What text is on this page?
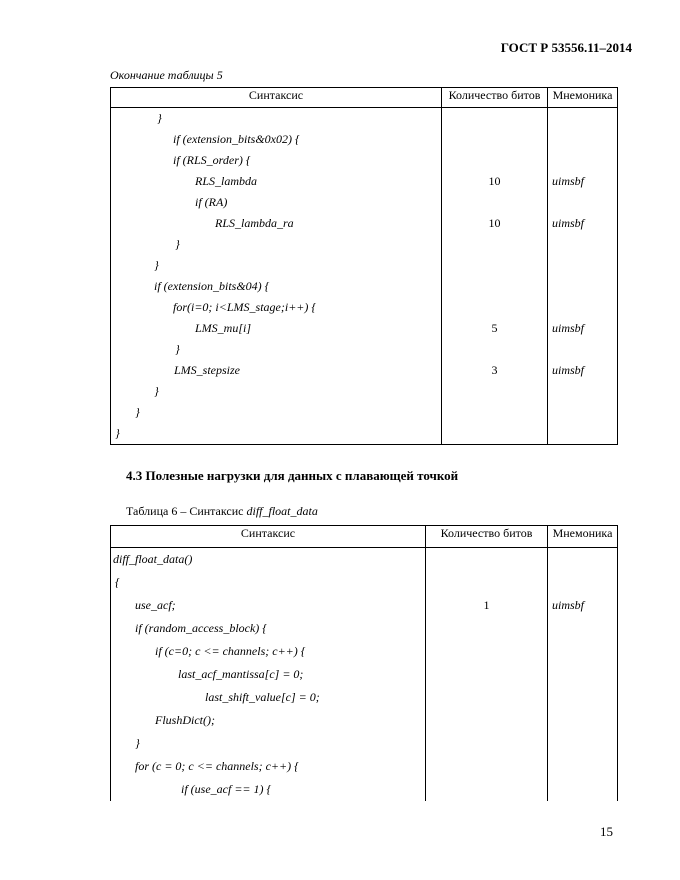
ГОСТ Р 53556.11–2014
Окончание таблицы 5
Синтаксис	Количество битов	Мнемоника
}		
if (extension_bits&0x02) {		
if (RLS_order) {		
RLS_lambda	10	uimsbf
if (RA)		
RLS_lambda_ra	10	uimsbf
}		
}		
if (extension_bits&04) {		
for(i=0; i<LMS_stage;i++) {		
LMS_mu[i]	5	uimsbf
}		
LMS_stepsize	3	uimsbf
}		
}		
}		
4.3 Полезные нагрузки для данных с плавающей точкой
Таблица 6 – Синтаксис diff_float_data
Синтаксис	Количество битов	Мнемоника
diff_float_data()		
{		
use_acf;	1	uimsbf
if (random_access_block) {		
if (c=0; c <= channels; c++) {		
last_acf_mantissa[c] = 0;		
last_shift_value[c] = 0;		
FlushDict();		
}		
for (c = 0; c <= channels; c++) {		
if (use_acf == 1) {		
15
